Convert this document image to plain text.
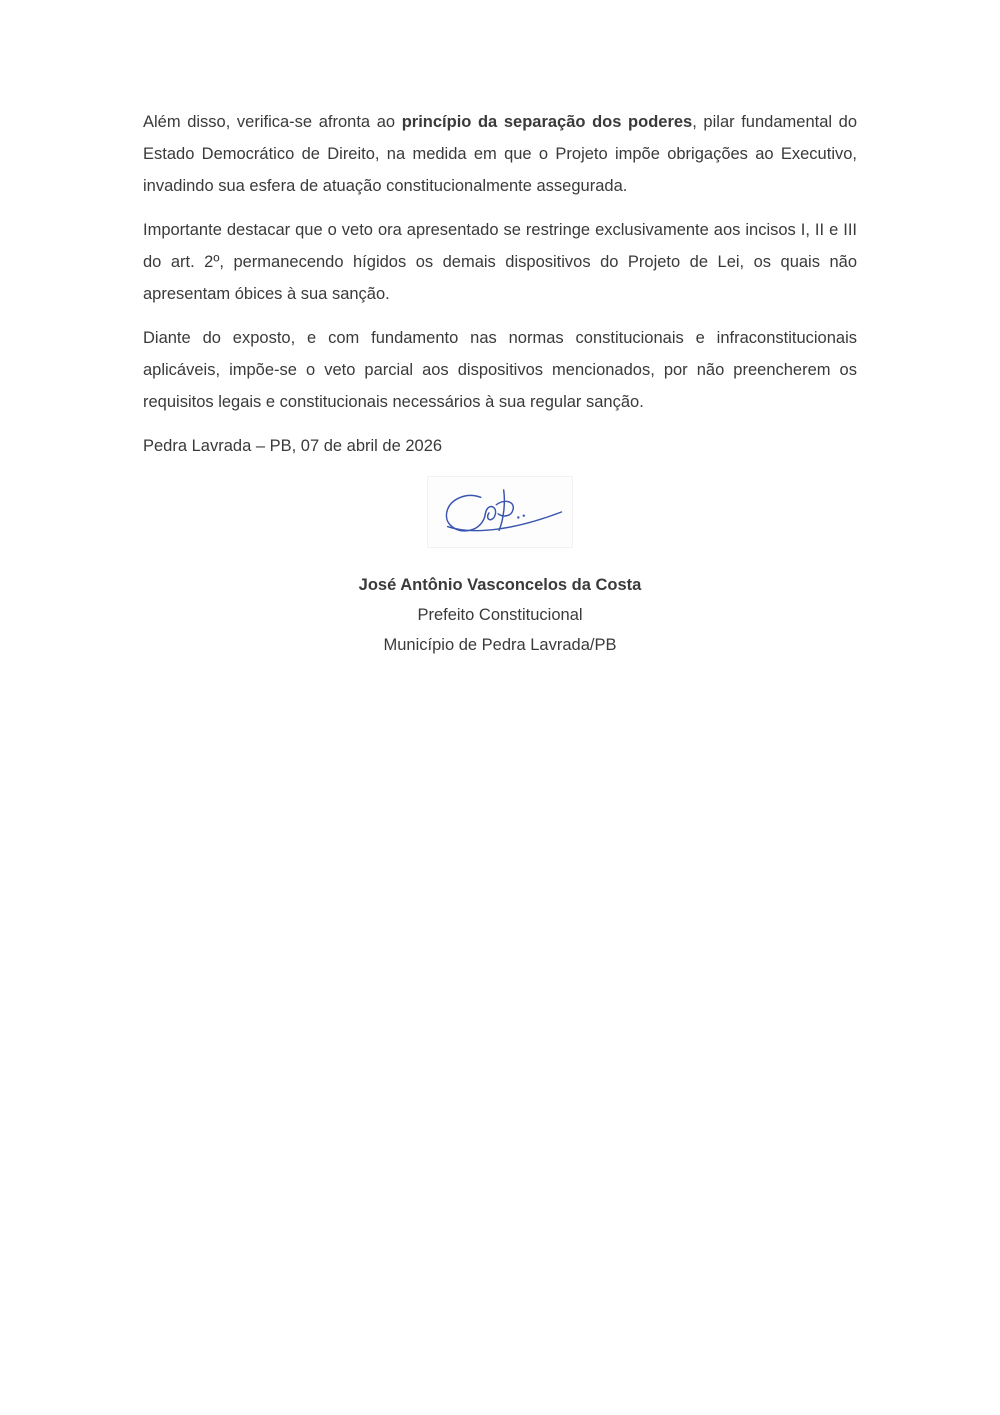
Além disso, verifica-se afronta ao princípio da separação dos poderes, pilar fundamental do Estado Democrático de Direito, na medida em que o Projeto impõe obrigações ao Executivo, invadindo sua esfera de atuação constitucionalmente assegurada.

Importante destacar que o veto ora apresentado se restringe exclusivamente aos incisos I, II e III do art. 2º, permanecendo hígidos os demais dispositivos do Projeto de Lei, os quais não apresentam óbices à sua sanção.

Diante do exposto, e com fundamento nas normas constitucionais e infraconstitucionais aplicáveis, impõe-se o veto parcial aos dispositivos mencionados, por não preencherem os requisitos legais e constitucionais necessários à sua regular sanção.

Pedra Lavrada – PB, 07 de abril de 2026

José Antônio Vasconcelos da Costa
Prefeito Constitucional
Município de Pedra Lavrada/PB
